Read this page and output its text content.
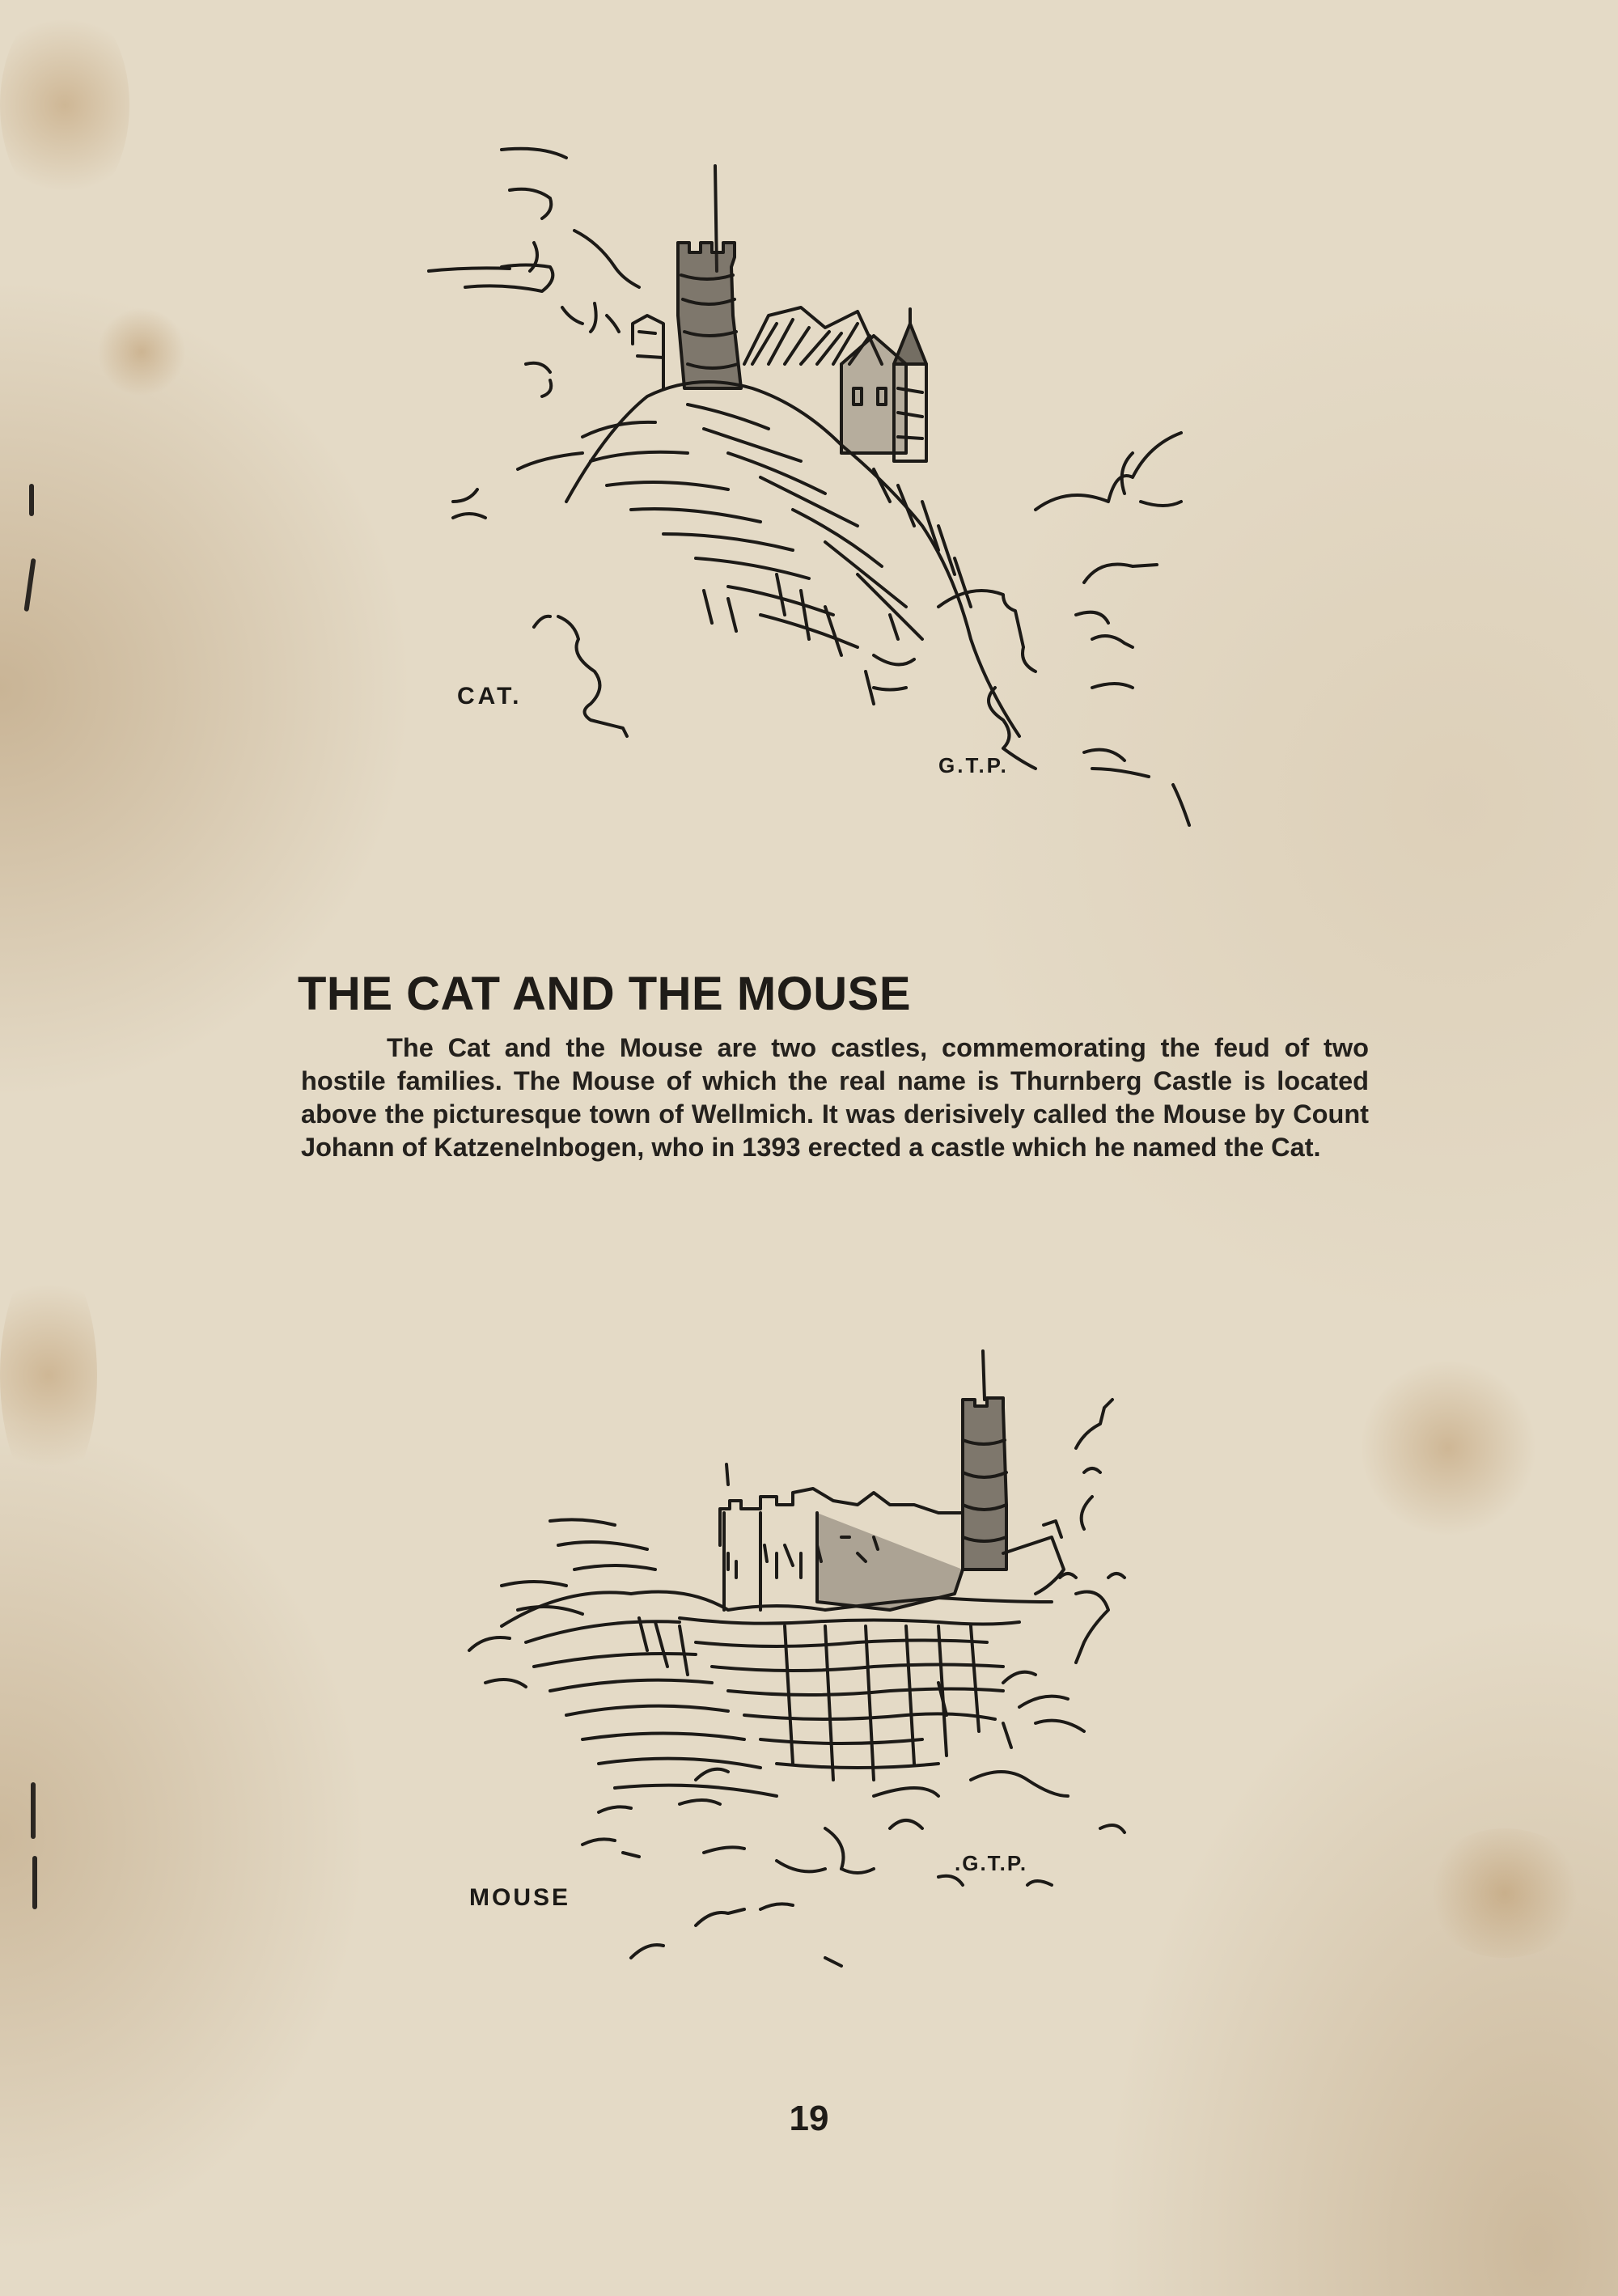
CAT.
G.T.P.
THE CAT AND THE MOUSE

The Cat and the Mouse are two castles, commemorating the feud of two hostile families. The Mouse of which the real name is Thurnberg Castle is located above the picturesque town of Wellmich. It was derisively called the Mouse by Count Johann of Katzenelnbogen, who in 1393 erected a castle which he named the Cat.

MOUSE
.G.T.P.
19
